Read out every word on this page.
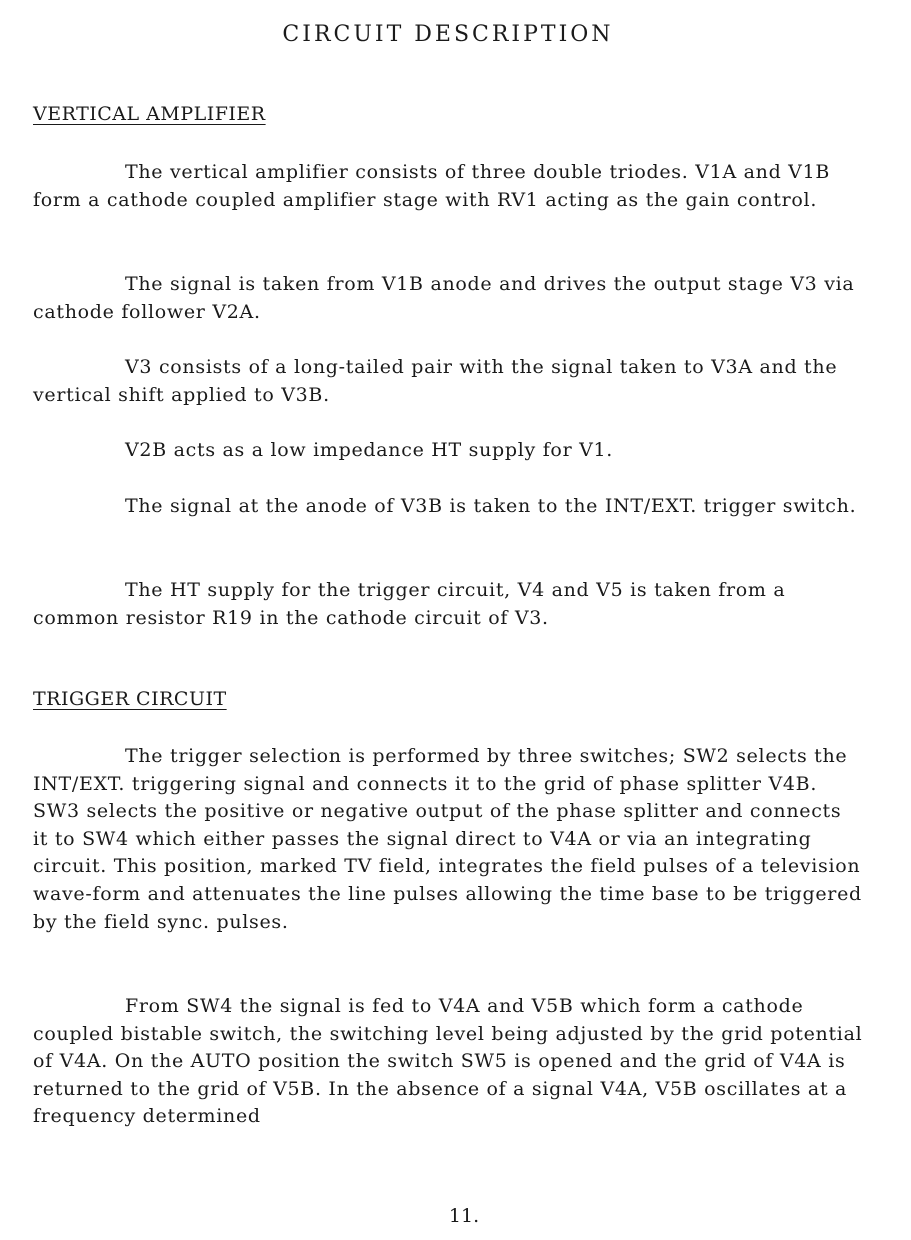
CIRCUIT DESCRIPTION
VERTICAL AMPLIFIER

The vertical amplifier consists of three double triodes. V1A and V1B form a cathode coupled amplifier stage with RV1 acting as the gain control.

The signal is taken from V1B anode and drives the output stage V3 via cathode follower V2A.

V3 consists of a long-tailed pair with the signal taken to V3A and the vertical shift applied to V3B.

V2B acts as a low impedance HT supply for V1.

The signal at the anode of V3B is taken to the INT/EXT. trigger switch.

The HT supply for the trigger circuit, V4 and V5 is taken from a common resistor R19 in the cathode circuit of V3.

TRIGGER CIRCUIT

The trigger selection is performed by three switches; SW2 selects the INT/EXT. triggering signal and connects it to the grid of phase splitter V4B. SW3 selects the positive or negative output of the phase splitter and connects it to SW4 which either passes the signal direct to V4A or via an integrating circuit. This position, marked TV field, integrates the field pulses of a television wave-form and attenuates the line pulses allowing the time base to be triggered by the field sync. pulses.

From SW4 the signal is fed to V4A and V5B which form a cathode coupled bistable switch, the switching level being adjusted by the grid potential of V4A. On the AUTO position the switch SW5 is opened and the grid of V4A is returned to the grid of V5B. In the absence of a signal V4A, V5B oscillates at a frequency determined

11.
